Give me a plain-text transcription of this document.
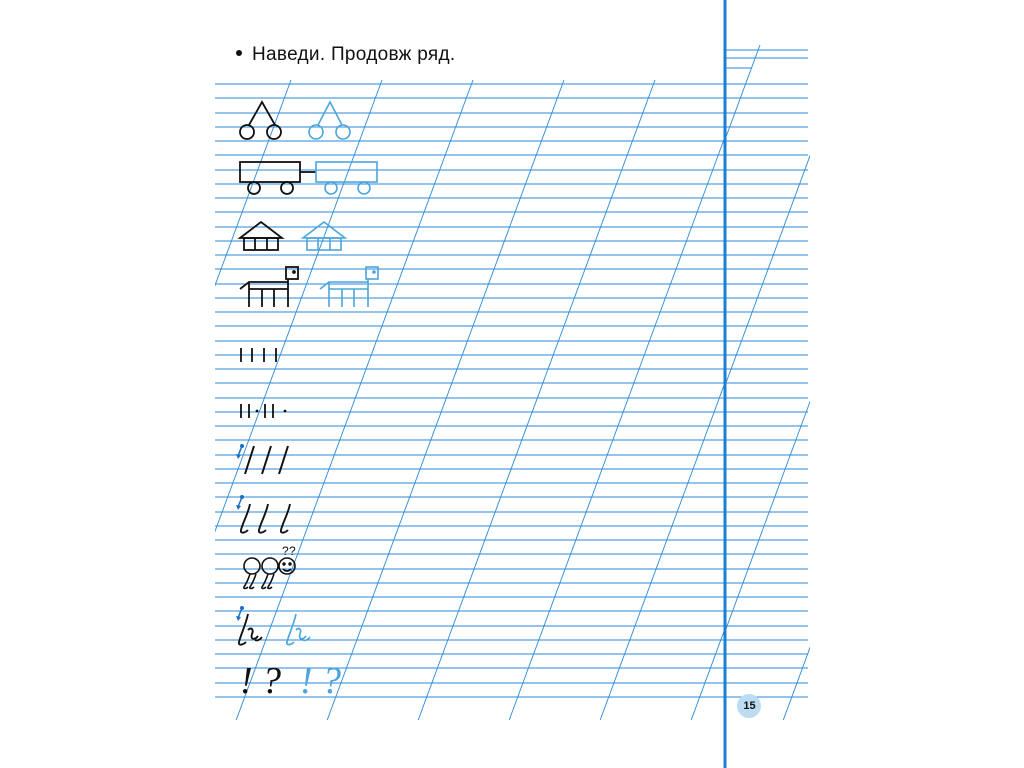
? ?
! ? ! ?
Наведи. Продовж ряд.
15
